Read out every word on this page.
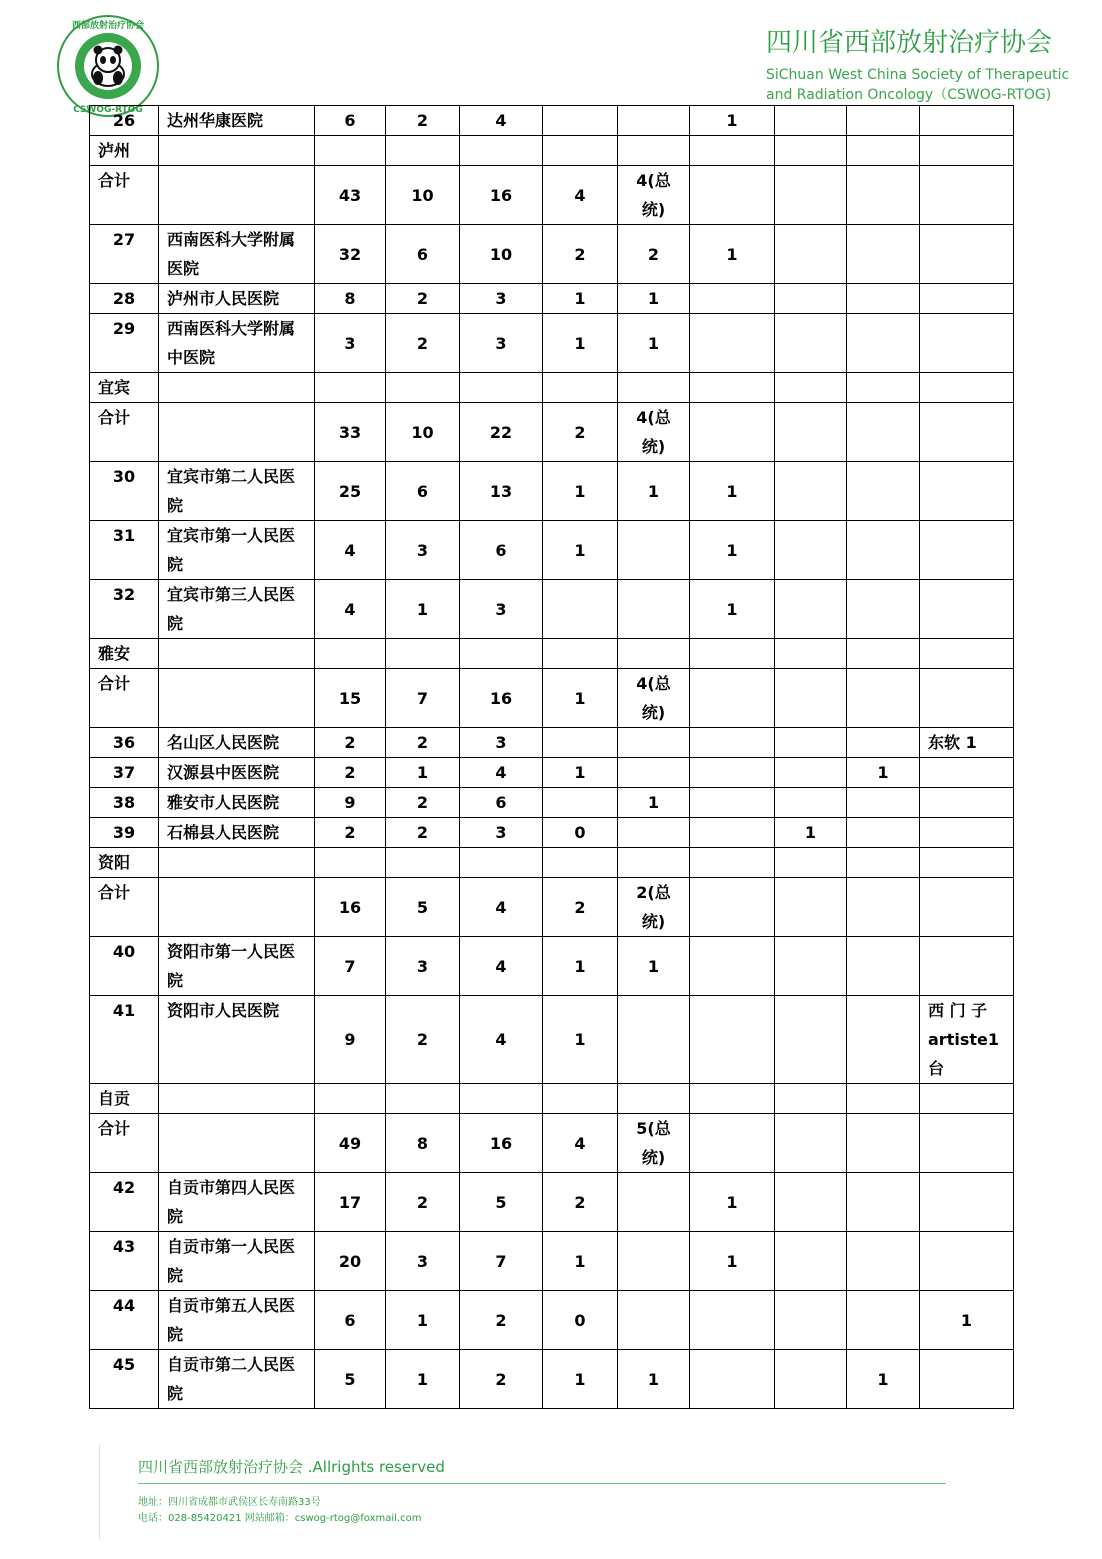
西部放射治疗协会
CSWOG-RTOG
四川省西部放射治疗协会
SiChuan West China Society of Therapeutic
and Radiation Oncology（CSWOG-RTOG)
26	达州华康医院	6	2	4			1			
泸州										
合计		43	10	16	4	4(总统)				
27	西南医科大学附属医院	32	6	10	2	2	1			
28	泸州市人民医院	8	2	3	1	1				
29	西南医科大学附属中医院	3	2	3	1	1				
宜宾										
合计		33	10	22	2	4(总统)				
30	宜宾市第二人民医院	25	6	13	1	1	1			
31	宜宾市第一人民医院	4	3	6	1		1			
32	宜宾市第三人民医院	4	1	3			1			
雅安										
合计		15	7	16	1	4(总统)				
36	名山区人民医院	2	2	3						东软 1
37	汉源县中医医院	2	1	4	1				1	
38	雅安市人民医院	9	2	6		1				
39	石棉县人民医院	2	2	3	0			1		
资阳										
合计		16	5	4	2	2(总统)				
40	资阳市第一人民医院	7	3	4	1	1				
41	资阳市人民医院	9	2	4	1					西 门 子 artiste1 台
自贡										
合计		49	8	16	4	5(总统)				
42	自贡市第四人民医院	17	2	5	2		1			
43	自贡市第一人民医院	20	3	7	1		1			
44	自贡市第五人民医院	6	1	2	0					1
45	自贡市第二人民医院	5	1	2	1	1			1	
四川省西部放射治疗协会 .Allrights reserved
地址：四川省成都市武侯区长寿南路33号
电话：028-85420421 网站邮箱：cswog-rtog@foxmail.com
